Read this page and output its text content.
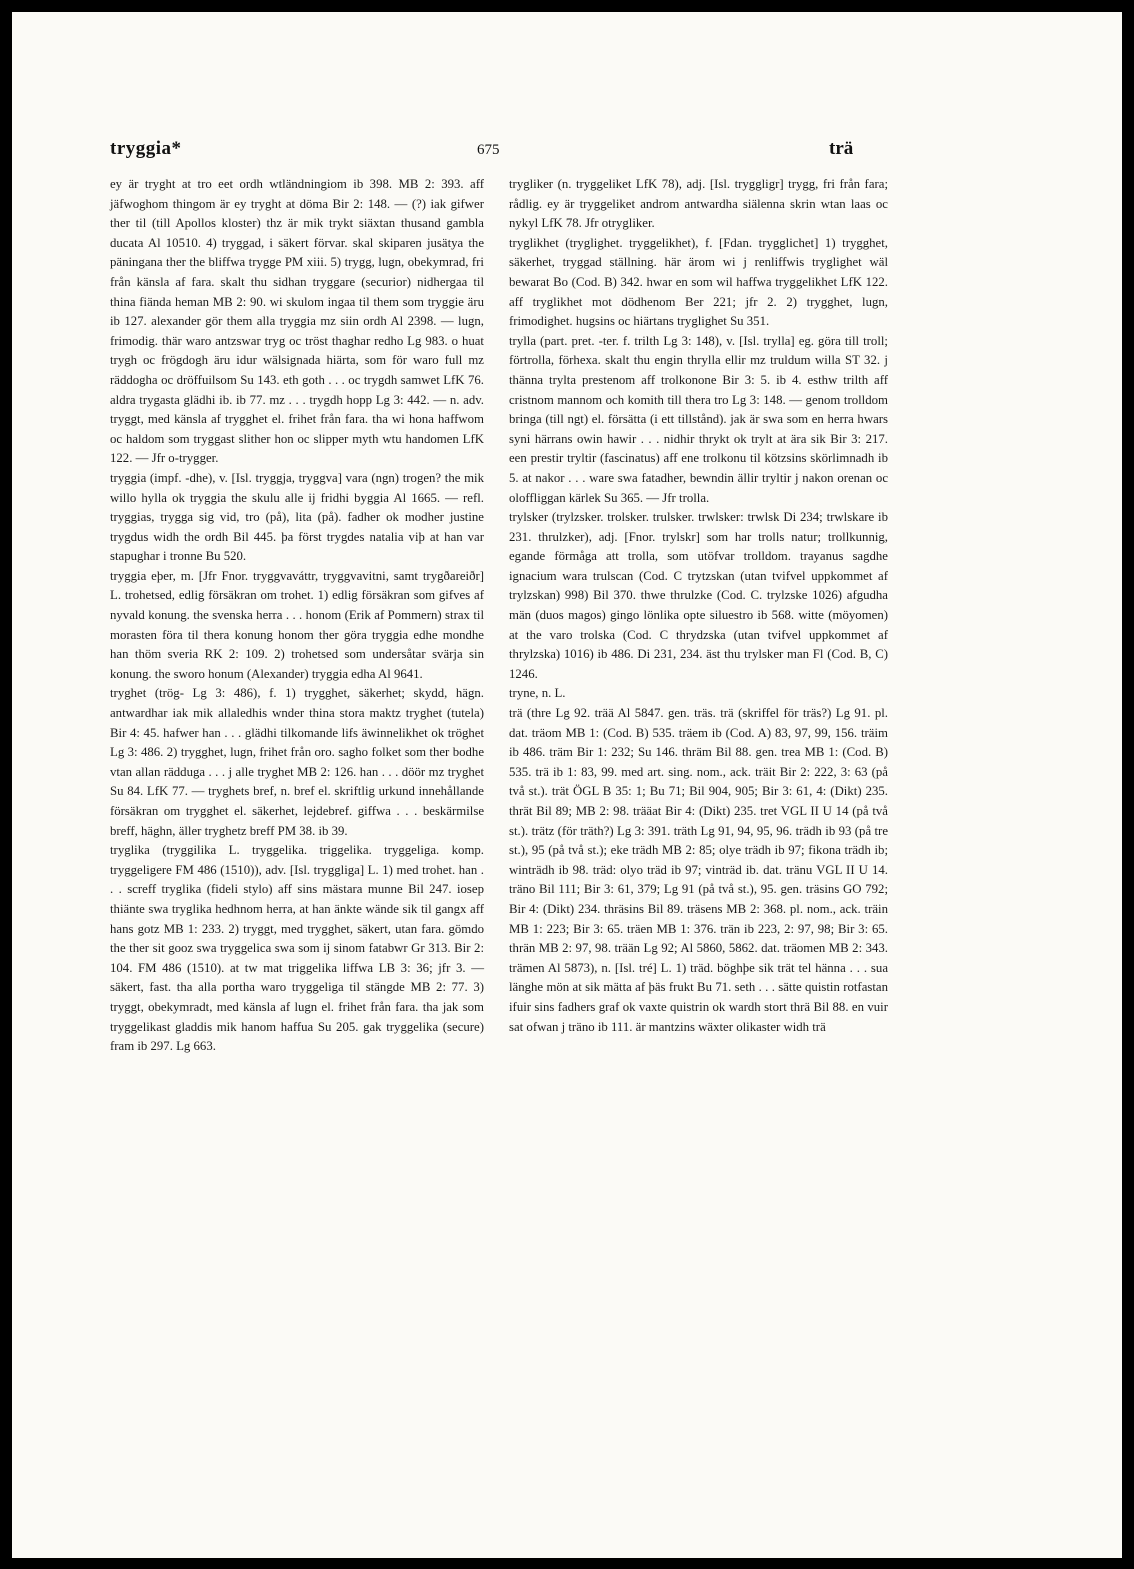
tryggia*	675	trä

ey är tryght at tro eet ordh wtländningiom ib 398. MB 2: 393. aff jäfwoghom thingom är ey tryght at döma Bir 2: 148. — (?) iak gifwer ther til (till Apollos kloster) thz är mik trykt siäxtan thusand gambla ducata Al 10510. 4) tryggad, i säkert förvar. skal skiparen jusätya the päningana ther the bliffwa trygge PM xiii. 5) trygg, lugn, obekymrad, fri från känsla af fara. skalt thu sidhan tryggare (securior) nidhergaa til thina fiända heman MB 2: 90. wi skulom ingaa til them som tryggie äru ib 127. alexander gör them alla tryggia mz siin ordh Al 2398. — lugn, frimodig. thär waro antzswar tryg oc tröst thaghar redho Lg 983. o huat trygh oc frögdogh äru idur wälsignada hiärta, som för waro full mz räddogha oc dröffuilsom Su 143. eth goth . . . oc trygdh samwet LfK 76. aldra trygasta glädhi ib. ib 77. mz . . . trygdh hopp Lg 3: 442. — n. adv. tryggt, med känsla af trygghet el. frihet från fara. tha wi hona haffwom oc haldom som tryggast slither hon oc slipper myth wtu handomen LfK 122. — Jfr o-trygger.

tryggia (impf. -dhe), v. [Isl. tryggja, tryggva] vara (ngn) trogen? the mik willo hylla ok tryggia the skulu alle ij fridhi byggia Al 1665. — refl. tryggias, trygga sig vid, tro (på), lita (på). fadher ok modher justine trygdus widh the ordh Bil 445. þa först trygdes natalia viþ at han var stapughar i tronne Bu 520.

tryggia eþer, m. [Jfr Fnor. tryggvaváttr, tryggvavitni, samt trygðareiðr] L. trohetsed, edlig försäkran om trohet. 1) edlig försäkran som gifves af nyvald konung. the svenska herra . . . honom (Erik af Pommern) strax til morasten föra til thera konung honom ther göra tryggia edhe mondhe han thöm sveria RK 2: 109. 2) trohetsed som undersåtar svärja sin konung. the sworo honum (Alexander) tryggia edha Al 9641.

tryghet (trög- Lg 3: 486), f. 1) trygghet, säkerhet; skydd, hägn. antwardhar iak mik allaledhis wnder thina stora maktz tryghet (tutela) Bir 4: 45. hafwer han . . . glädhi tilkomande lifs äwinnelikhet ok tröghet Lg 3: 486. 2) trygghet, lugn, frihet från oro. sagho folket som ther bodhe vtan allan rädduga . . . j alle tryghet MB 2: 126. han . . . döör mz tryghet Su 84. LfK 77. — tryghets bref, n. bref el. skriftlig urkund innehållande försäkran om trygghet el. säkerhet, lejdebref. giffwa . . . beskärmilse breff, häghn, äller tryghetz breff PM 38. ib 39.

tryglika (tryggilika L. tryggelika. triggelika. tryggeliga. komp. tryggeligere FM 486 (1510)), adv. [Isl. tryggliga] L. 1) med trohet. han . . . screff tryglika (fideli stylo) aff sins mästara munne Bil 247. iosep thiänte swa tryglika hedhnom herra, at han änkte wände sik til gangx aff hans gotz MB 1: 233. 2) tryggt, med trygghet, säkert, utan fara. gömdo the ther sit gooz swa tryggelica swa som ij sinom fatabwr Gr 313. Bir 2: 104. FM 486 (1510). at tw mat triggelika liffwa LB 3: 36; jfr 3. — säkert, fast. tha alla portha waro tryggeliga til stängde MB 2: 77. 3) tryggt, obekymradt, med känsla af lugn el. frihet från fara. tha jak som tryggelikast gladdis mik hanom haffua Su 205. gak tryggelika (secure) fram ib 297. Lg 663.

trygliker (n. tryggeliket LfK 78), adj. [Isl. tryggligr] trygg, fri från fara; rådlig. ey är tryggeliket androm antwardha siälenna skrin wtan laas oc nykyl LfK 78. Jfr otrygliker.

tryglikhet (tryglighet. tryggelikhet), f. [Fdan. trygglichet] 1) trygghet, säkerhet, tryggad ställning. här ärom wi j renliffwis tryglighet wäl bewarat Bo (Cod. B) 342. hwar en som wil haffwa tryggelikhet LfK 122. aff tryglikhet mot dödhenom Ber 221; jfr 2. 2) trygghet, lugn, frimodighet. hugsins oc hiärtans tryglighet Su 351.

trylla (part. pret. -ter. f. trilth Lg 3: 148), v. [Isl. trylla] eg. göra till troll; förtrolla, förhexa. skalt thu engin thrylla ellir mz truldum willa ST 32. j thänna trylta prestenom aff trolkonone Bir 3: 5. ib 4. esthw trilth aff cristnom mannom och komith till thera tro Lg 3: 148. — genom trolldom bringa (till ngt) el. försätta (i ett tillstånd). jak är swa som en herra hwars syni härrans owin hawir . . . nidhir thrykt ok trylt at ära sik Bir 3: 217. een prestir tryltir (fascinatus) aff ene trolkonu til kötzsins skörlimnadh ib 5. at nakor . . . ware swa fatadher, bewndin ällir tryltir j nakon orenan oc oloffliggan kärlek Su 365. — Jfr trolla.

trylsker (trylzsker. trolsker. trulsker. trwlsker: trwlsk Di 234; trwlskare ib 231. thrulzker), adj. [Fnor. trylskr] som har trolls natur; trollkunnig, egande förmåga att trolla, som utöfvar trolldom. trayanus sagdhe ignacium wara trulscan (Cod. C trytzskan (utan tvifvel uppkommet af trylzskan) 998) Bil 370. thwe thrulzke (Cod. C. trylzske 1026) afgudha män (duos magos) gingo lönlika opte siluestro ib 568. witte (möyomen) at the varo trolska (Cod. C thrydzska (utan tvifvel uppkommet af thrylzska) 1016) ib 486. Di 231, 234. äst thu trylsker man Fl (Cod. B, C) 1246.

tryne, n. L.

trä (thre Lg 92. trää Al 5847. gen. träs. trä (skriffel för träs?) Lg 91. pl. dat. träom MB 1: (Cod. B) 535. träem ib (Cod. A) 83, 97, 99, 156. träim ib 486. träm Bir 1: 232; Su 146. thräm Bil 88. gen. trea MB 1: (Cod. B) 535. trä ib 1: 83, 99. med art. sing. nom., ack. träit Bir 2: 222, 3: 63 (på två st.). trät ÖGL B 35: 1; Bu 71; Bil 904, 905; Bir 3: 61, 4: (Dikt) 235. thrät Bil 89; MB 2: 98. trääat Bir 4: (Dikt) 235. tret VGL II U 14 (på två st.). trätz (för träth?) Lg 3: 391. träth Lg 91, 94, 95, 96. trädh ib 93 (på tre st.), 95 (på två st.); eke trädh MB 2: 85; olye trädh ib 97; fikona trädh ib; winträdh ib 98. träd: olyo träd ib 97; vinträd ib. dat. tränu VGL II U 14. träno Bil 111; Bir 3: 61, 379; Lg 91 (på två st.), 95. gen. träsins GO 792; Bir 4: (Dikt) 234. thräsins Bil 89. träsens MB 2: 368. pl. nom., ack. träin MB 1: 223; Bir 3: 65. träen MB 1: 376. trän ib 223, 2: 97, 98; Bir 3: 65. thrän MB 2: 97, 98. trään Lg 92; Al 5860, 5862. dat. träomen MB 2: 343. trämen Al 5873), n. [Isl. tré] L. 1) träd. böghþe sik trät tel hänna . . . sua länghe mön at sik mätta af þäs frukt Bu 71. seth . . . sätte quistin rotfastan ifuir sins fadhers graf ok vaxte quistrin ok wardh stort thrä Bil 88. en vuir sat ofwan j träno ib 111. är mantzins wäxter olikaster widh trä
